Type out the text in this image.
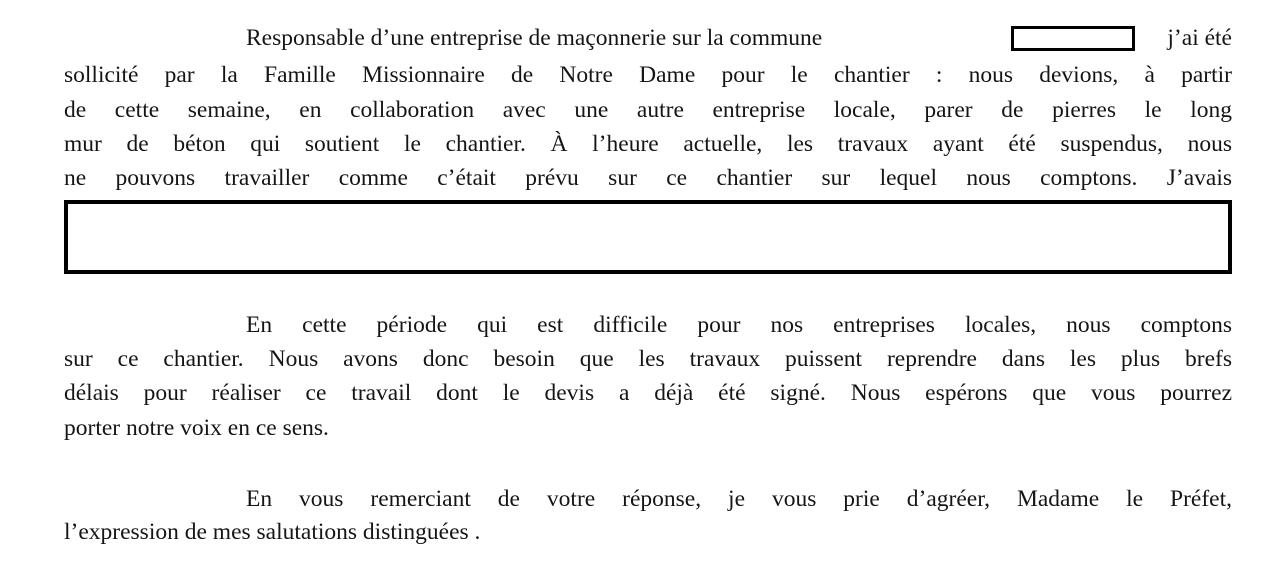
Responsable d’une entreprise de maçonnerie sur la commune	j’ai été
sollicité par la Famille Missionnaire de Notre Dame pour le chantier : nous devions, à partir
de cette semaine, en collaboration avec une autre entreprise locale, parer de pierres le long
mur de béton qui soutient le chantier. À l’heure actuelle, les travaux ayant été suspendus, nous
ne pouvons travailler comme c’était prévu sur ce chantier sur lequel nous comptons. J’avais
En cette période qui est difficile pour nos entreprises locales, nous comptons
sur ce chantier. Nous avons donc besoin que les travaux puissent reprendre dans les plus brefs
délais pour réaliser ce travail dont le devis a déjà été signé. Nous espérons que vous pourrez
porter notre voix en ce sens.
En vous remerciant de votre réponse, je vous prie d’agréer, Madame le Préfet,
l’expression de mes salutations distinguées .
